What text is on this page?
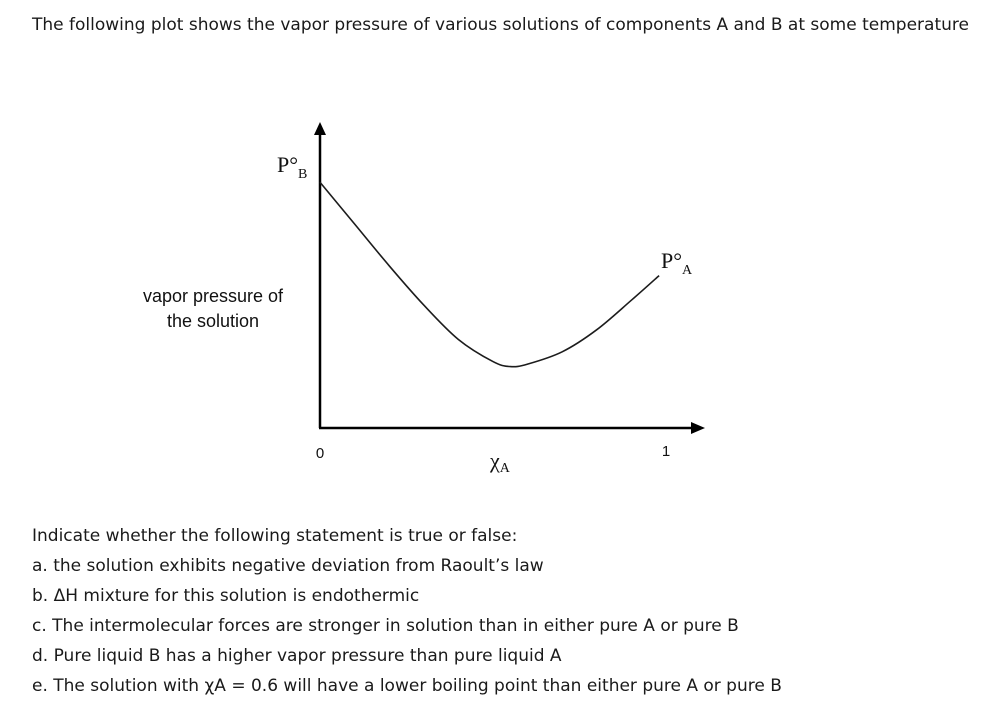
The following plot shows the vapor pressure of various solutions of components A and B at some temperature

vapor pressure of
the solution
0	1
χA
$P^\circ_B$
$P^\circ_A$
Indicate whether the following statement is true or false:
a. the solution exhibits negative deviation from Raoult’s law
b. ΔH mixture for this solution is endothermic
c. The intermolecular forces are stronger in solution than in either pure A or pure B
d. Pure liquid B has a higher vapor pressure than pure liquid A
e. The solution with χA = 0.6 will have a lower boiling point than either pure A or pure B
